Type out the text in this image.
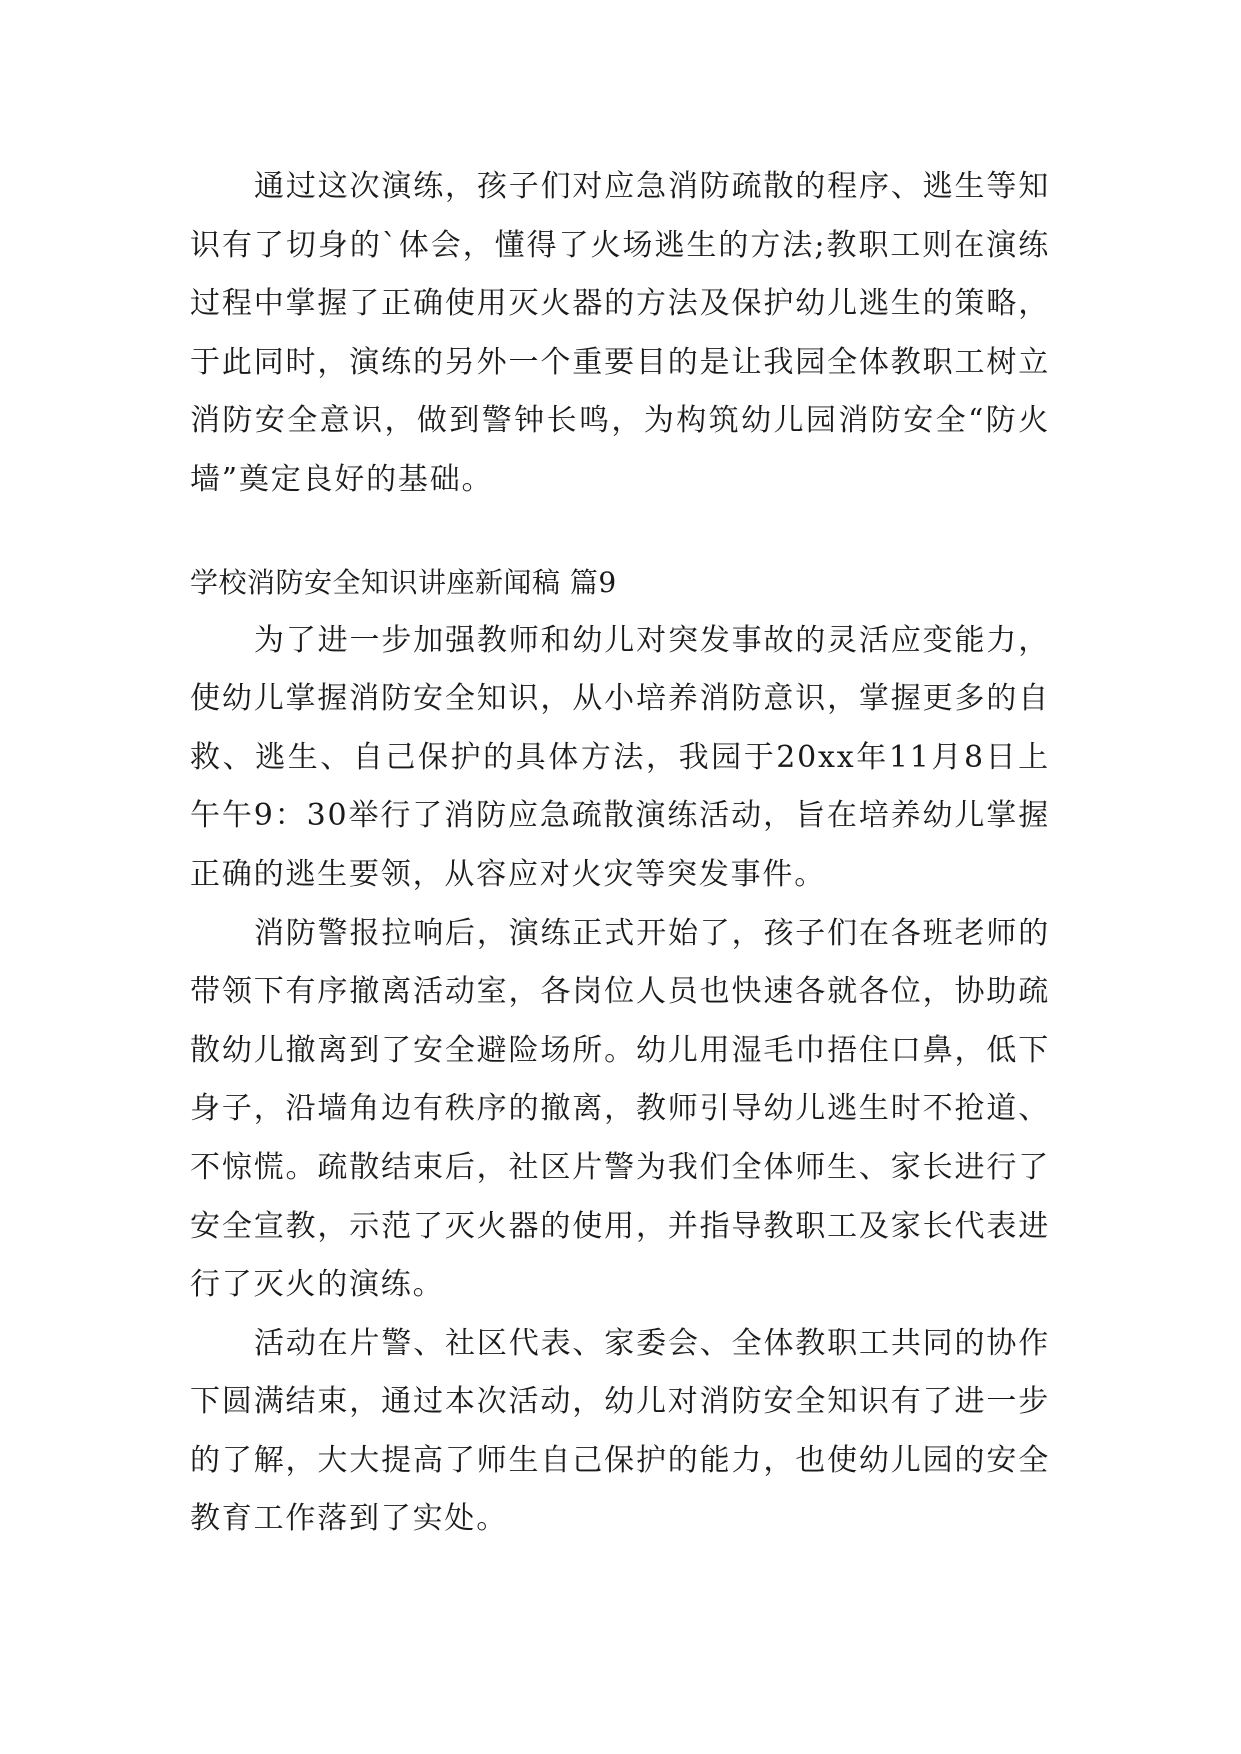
通过这次演练，孩子们对应急消防疏散的程序、逃生等知识有了切身的`体会，懂得了火场逃生的方法;教职工则在演练过程中掌握了正确使用灭火器的方法及保护幼儿逃生的策略，于此同时，演练的另外一个重要目的是让我园全体教职工树立消防安全意识，做到警钟长鸣，为构筑幼儿园消防安全“防火墙”奠定良好的基础。

学校消防安全知识讲座新闻稿 篇9

为了进一步加强教师和幼儿对突发事故的灵活应变能力，使幼儿掌握消防安全知识，从小培养消防意识，掌握更多的自救、逃生、自己保护的具体方法，我园于20xx年11月8日上午午9：30举行了消防应急疏散演练活动，旨在培养幼儿掌握正确的逃生要领，从容应对火灾等突发事件。

消防警报拉响后，演练正式开始了，孩子们在各班老师的带领下有序撤离活动室，各岗位人员也快速各就各位，协助疏散幼儿撤离到了安全避险场所。幼儿用湿毛巾捂住口鼻，低下身子，沿墙角边有秩序的撤离，教师引导幼儿逃生时不抢道、不惊慌。疏散结束后，社区片警为我们全体师生、家长进行了安全宣教，示范了灭火器的使用，并指导教职工及家长代表进行了灭火的演练。

活动在片警、社区代表、家委会、全体教职工共同的协作下圆满结束，通过本次活动，幼儿对消防安全知识有了进一步的了解，大大提高了师生自己保护的能力，也使幼儿园的安全教育工作落到了实处。
